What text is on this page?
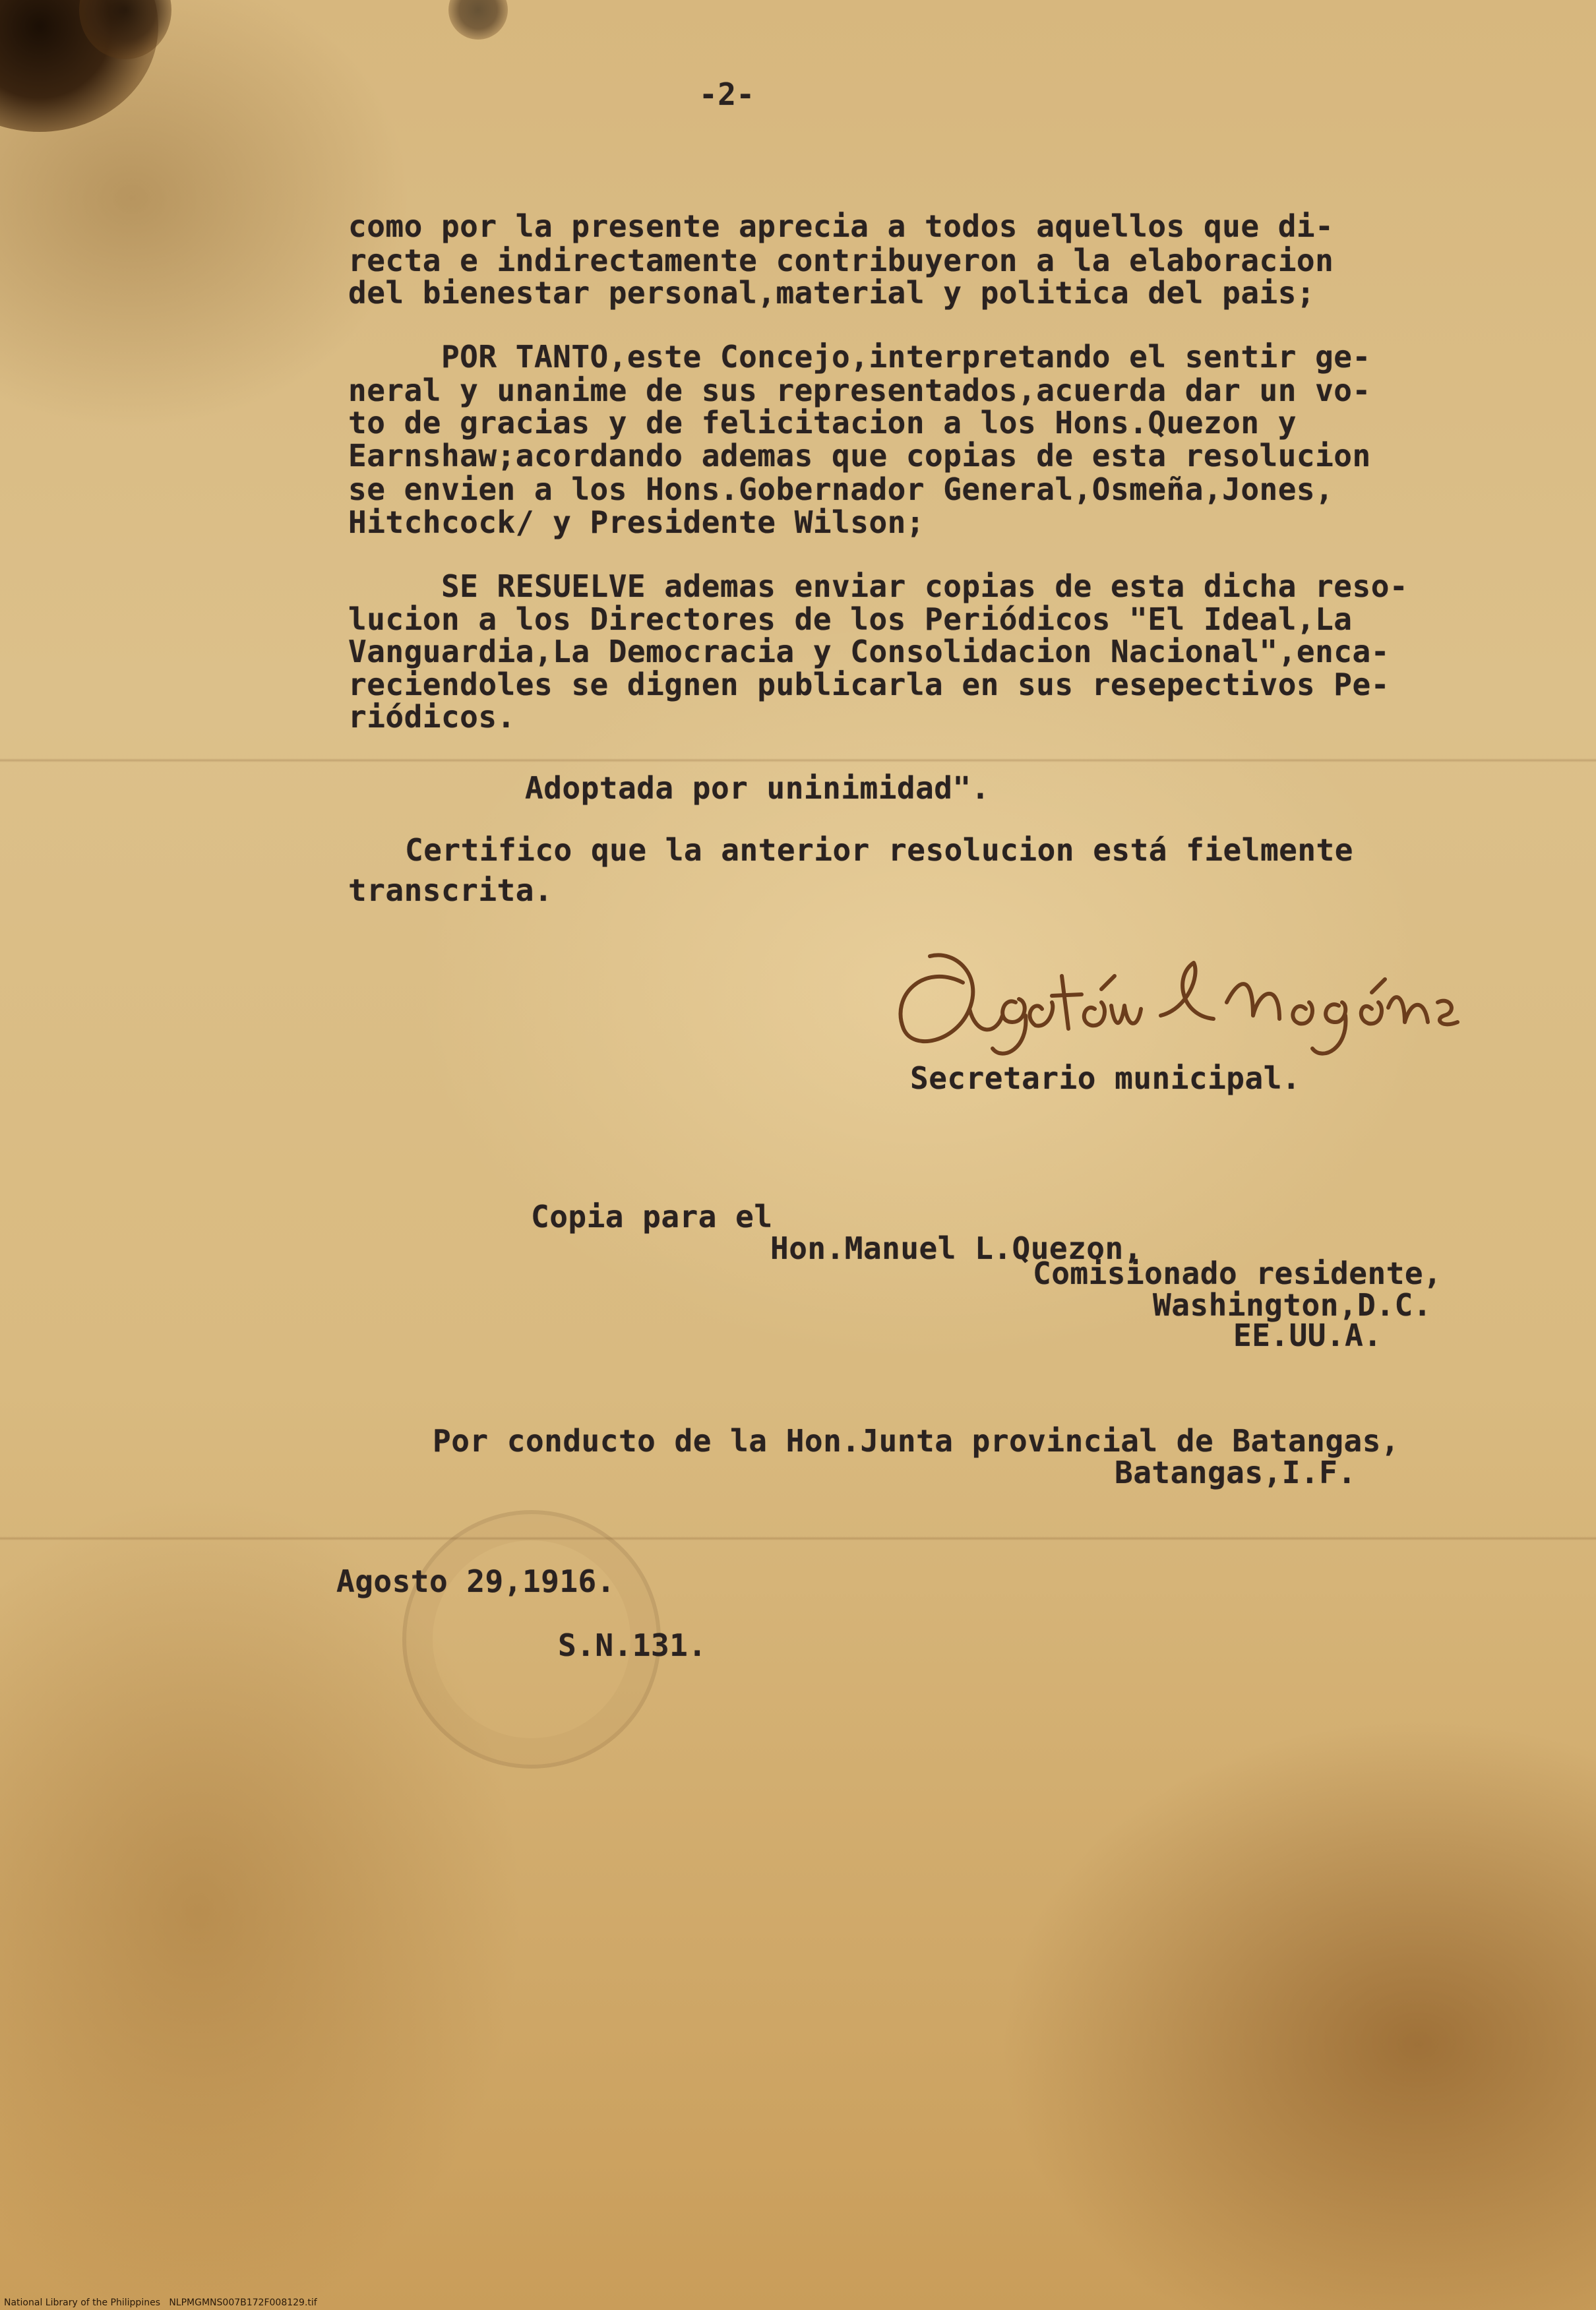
-2-
como por la presente aprecia a todos aquellos que di-
recta e indirectamente contribuyeron a la elaboracion
del bienestar personal,material y politica del pais;
POR TANTO,este Concejo,interpretando el sentir ge-
neral y unanime de sus representados,acuerda dar un vo-
to de gracias y de felicitacion a los Hons.Quezon y
Earnshaw;acordando ademas que copias de esta resolucion
se envien a los Hons.Gobernador General,Osmeña,Jones,
Hitchcock/ y Presidente Wilson;
SE RESUELVE ademas enviar copias de esta dicha reso-
lucion a los Directores de los Periódicos "El Ideal,La
Vanguardia,La Democracia y Consolidacion Nacional",enca-
reciendoles se dignen publicarla en sus resepectivos Pe-
riódicos.
Adoptada por uninimidad".
Certifico que la anterior resolucion está fielmente
transcrita.
Secretario municipal.
Copia para el
Hon.Manuel L.Quezon,
Comisionado residente,
Washington,D.C.
EE.UU.A.
Por conducto de la Hon.Junta provincial de Batangas,
Batangas,I.F.
Agosto 29,1916.
S.N.131.
National Library of the Philippines   NLPMGMNS007B172F008129.tif
